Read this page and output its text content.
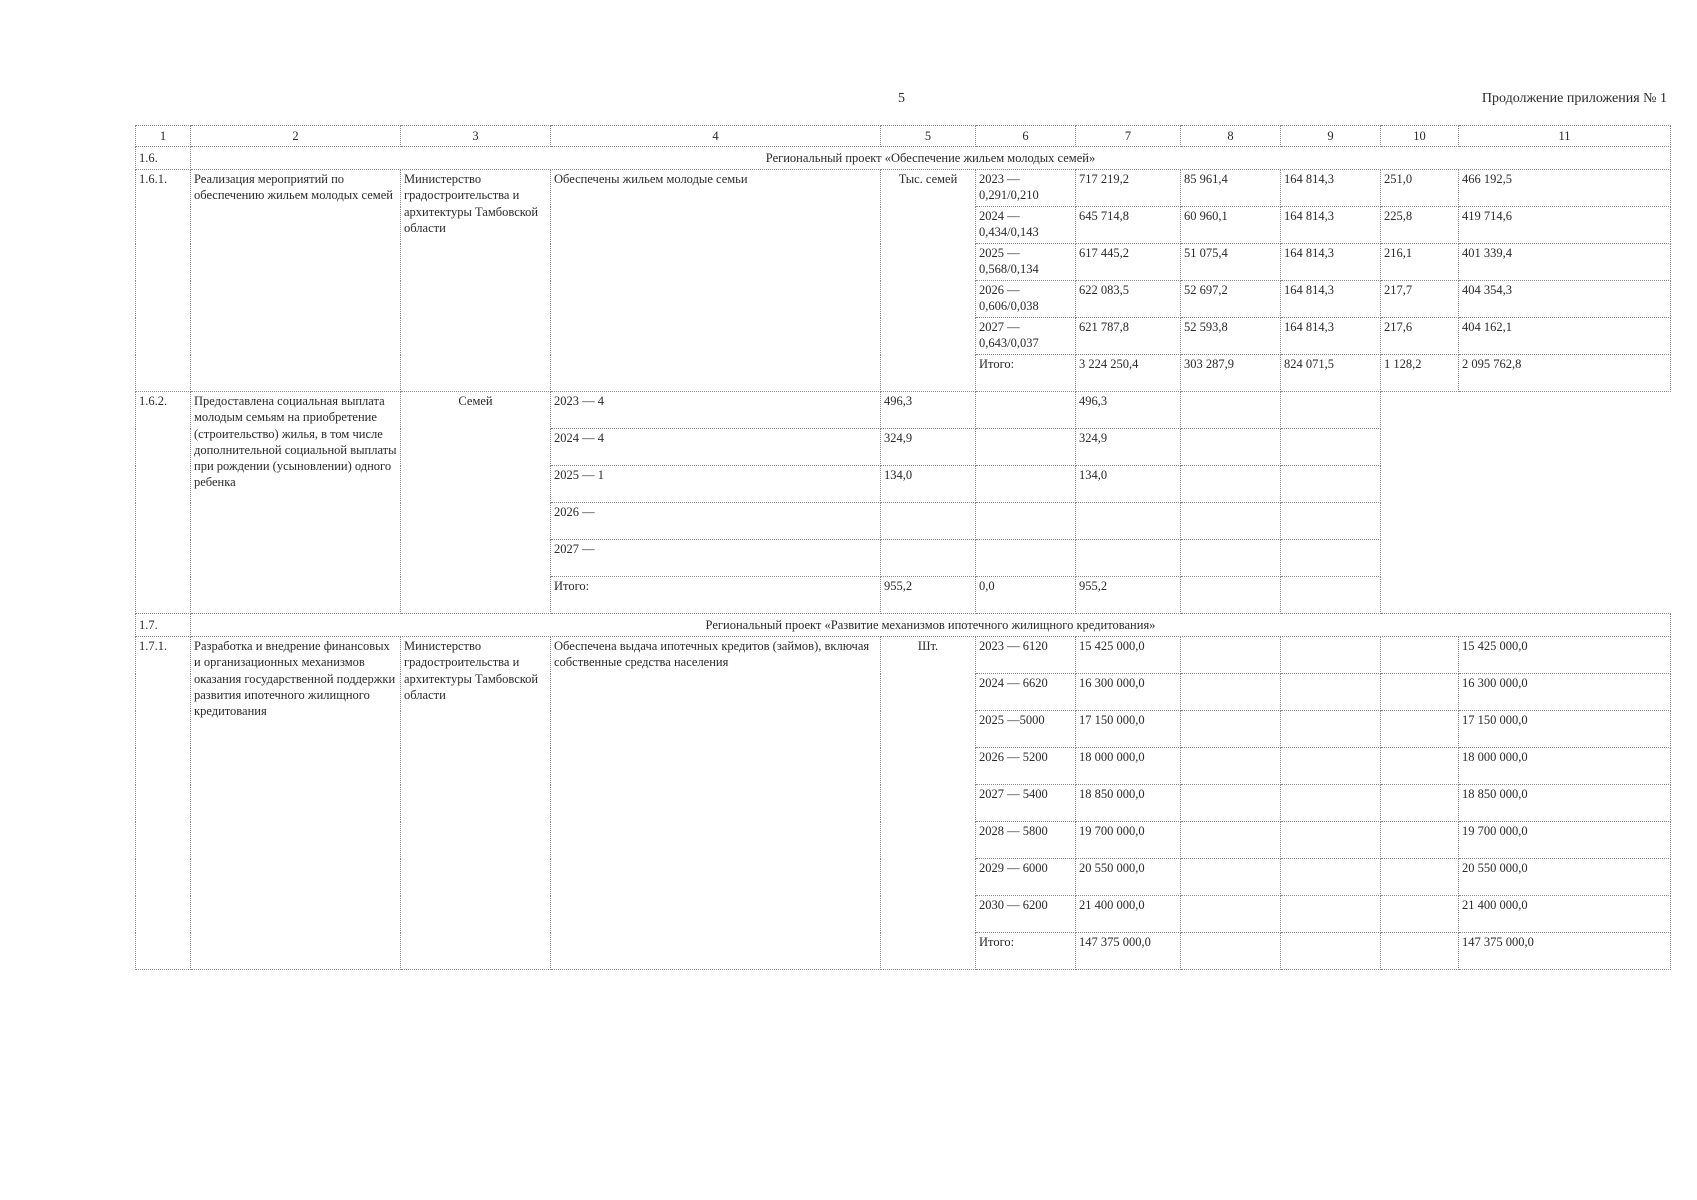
5	Продолжение приложения № 1
1	2	3	4	5	6	7	8	9	10	11
1.6.	Региональный проект «Обеспечение жильем молодых семей»									
1.6.1.	Реализация мероприятий по обеспечению жильем молодых семей	Министерство градостроительства и архитектуры Тамбовской области	Обеспечены жильем молодые семьи	Тыс. семей	2023 — 0,291/0,210	717 219,2	85 961,4	164 814,3	251,0	466 192,5
					2024 — 0,434/0,143	645 714,8	60 960,1	164 814,3	225,8	419 714,6
					2025 — 0,568/0,134	617 445,2	51 075,4	164 814,3	216,1	401 339,4
					2026 — 0,606/0,038	622 083,5	52 697,2	164 814,3	217,7	404 354,3
					2027 — 0,643/0,037	621 787,8	52 593,8	164 814,3	217,6	404 162,1
					Итого:	3 224 250,4	303 287,9	824 071,5	1 128,2	2 095 762,8
1.6.2.	Предоставлена социальная выплата молодым семьям на приобретение (строительство) жилья, в том числе дополнительной социальной выплаты при рождении (усыновлении) одного ребенка	Семей	2023 — 4	496,3		496,3				
			2024 — 4	324,9		324,9				
			2025 — 1	134,0		134,0				
			2026 —							
			2027 —							
			Итого:	955,2	0,0	955,2				
1.7.	Региональный проект «Развитие механизмов ипотечного жилищного кредитования»									
1.7.1.	Разработка и внедрение финансовых и организационных механизмов оказания государственной поддержки развития ипотечного жилищного кредитования	Министерство градостроительства и архитектуры Тамбовской области	Обеспечена выдача ипотечных кредитов (займов), включая собственные средства населения	Шт.	2023 — 6120	15 425 000,0				15 425 000,0
					2024 — 6620	16 300 000,0				16 300 000,0
					2025 —5000	17 150 000,0				17 150 000,0
					2026 — 5200	18 000 000,0				18 000 000,0
					2027 — 5400	18 850 000,0				18 850 000,0
					2028 — 5800	19 700 000,0				19 700 000,0
					2029 — 6000	20 550 000,0				20 550 000,0
					2030 — 6200	21 400 000,0				21 400 000,0
					Итого:	147 375 000,0				147 375 000,0
